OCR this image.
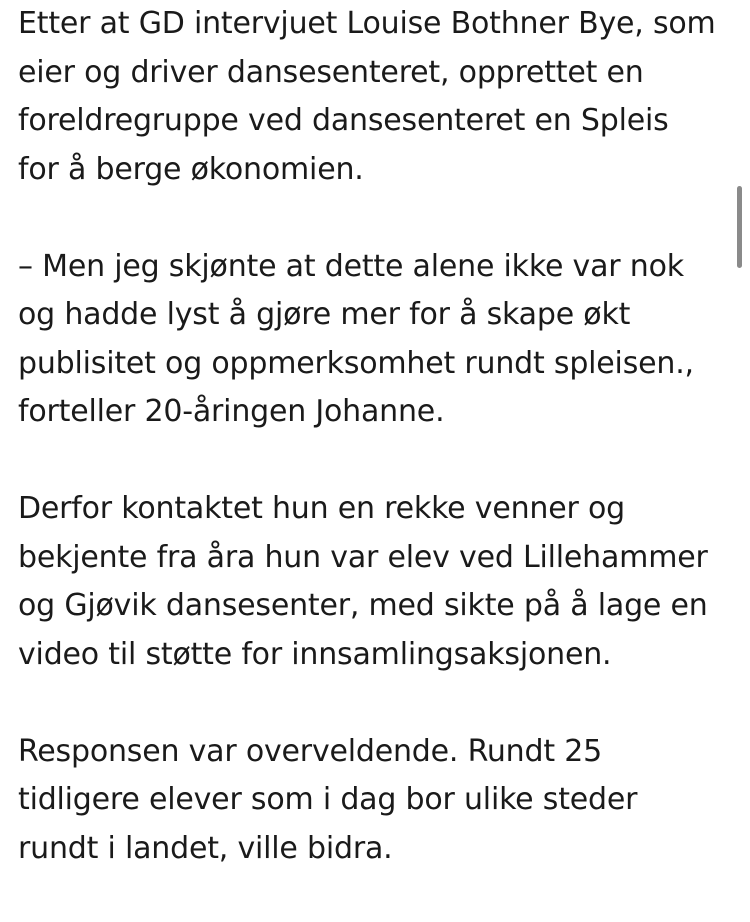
Etter at GD intervjuet Louise Bothner Bye, som
eier og driver dansesenteret, opprettet en
foreldregruppe ved dansesenteret en Spleis
for å berge økonomien.

– Men jeg skjønte at dette alene ikke var nok
og hadde lyst å gjøre mer for å skape økt
publisitet og oppmerksomhet rundt spleisen.,
forteller 20-åringen Johanne.

Derfor kontaktet hun en rekke venner og
bekjente fra åra hun var elev ved Lillehammer
og Gjøvik dansesenter, med sikte på å lage en
video til støtte for innsamlingsaksjonen.

Responsen var overveldende. Rundt 25
tidligere elever som i dag bor ulike steder
rundt i landet, ville bidra.
